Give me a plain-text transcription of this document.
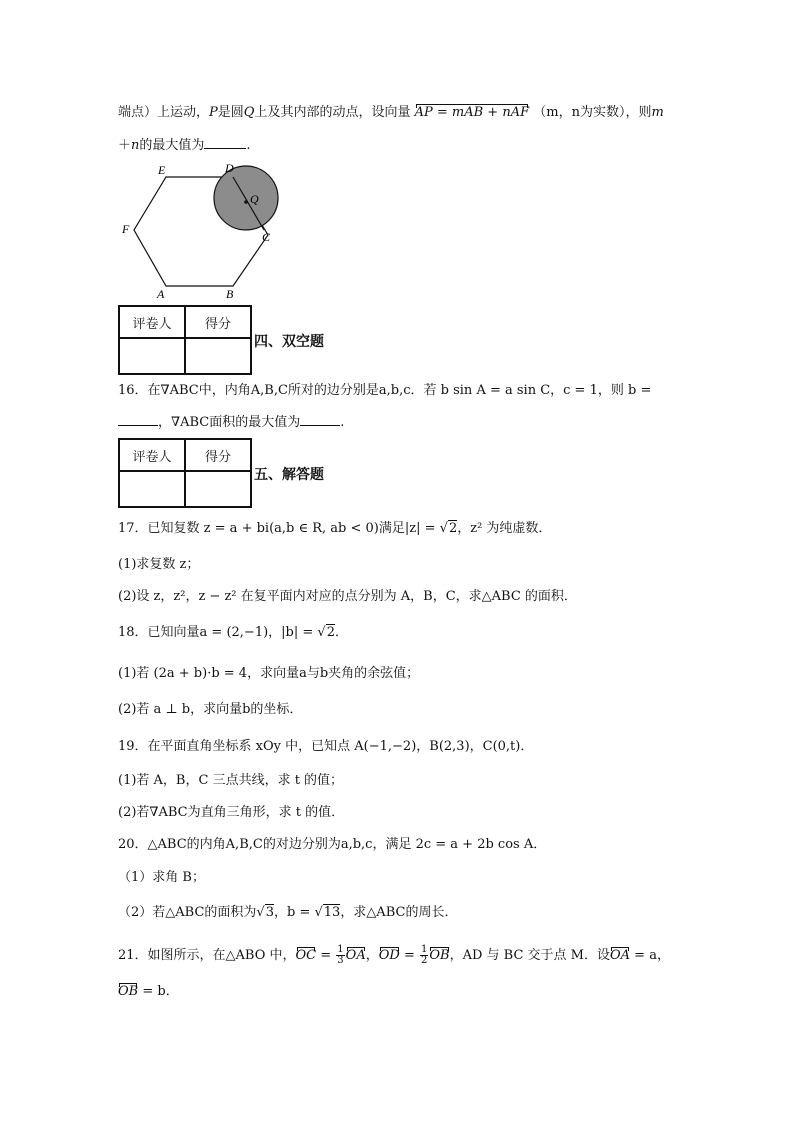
端点）上运动，P是圆Q上及其内部的动点，设向量 AP = mAB + nAF （m，n为实数），则m
＋n的最大值为	.
E	D
F
Q
C
A	B
评卷人	得分

四、双空题
16．在∇ABC中，内角A,B,C所对的边分别是a,b,c．若 b sin A = a sin C，c = 1，则 b =
，∇ABC面积的最大值为	.
评卷人	得分

五、解答题
17．已知复数 z = a + bi(a,b ∈ R, ab < 0)满足|z| = √2，z² 为纯虚数．
(1)求复数 z；
(2)设 z，z²，z − z² 在复平面内对应的点分别为 A，B，C，求△ABC 的面积．
18．已知向量a = (2,−1)，|b| = √2．
(1)若 (2a + b)·b = 4，求向量a与b夹角的余弦值；
(2)若 a ⊥ b，求向量b的坐标．
19．在平面直角坐标系 xOy 中，已知点 A(−1,−2)，B(2,3)，C(0,t)．
(1)若 A，B，C 三点共线，求 t 的值；
(2)若∇ABC为直角三角形，求 t 的值．
20．△ABC的内角A,B,C的对边分别为a,b,c，满足 2c = a + 2b cos A．
（1）求角 B；
（2）若△ABC的面积为√3，b = √13，求△ABC的周长．
21．如图所示，在△ABO 中，OC = $\frac{1}{3}$ OA，OD = $\frac{1}{2}$ OB，AD 与 BC 交于点 M．设OA = a，
OB = b．
